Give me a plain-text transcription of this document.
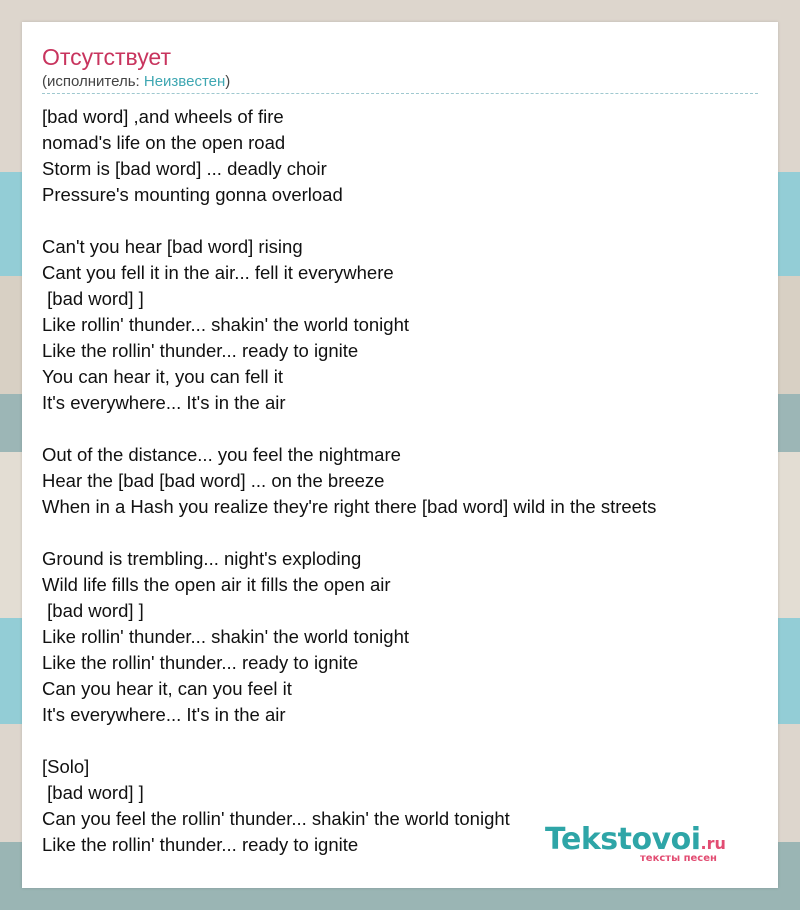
Отсутствует
(исполнитель: Неизвестен)
[bad word] ,and wheels of fire
nomad's life on the open road
Storm is [bad word] ... deadly choir
Pressure's mounting gonna overload
Can't you hear [bad word] rising
Cant you fell it in the air... fell it everywhere
[bad word] ]
Like rollin' thunder... shakin' the world tonight
Like the rollin' thunder... ready to ignite
You can hear it, you can fell it
It's everywhere... It's in the air
Out of the distance... you feel the nightmare
Hear the [bad [bad word] ... on the breeze
When in a Hash you realize they're right there [bad word] wild in the streets
Ground is trembling... night's exploding
Wild life fills the open air it fills the open air
[bad word] ]
Like rollin' thunder... shakin' the world tonight
Like the rollin' thunder... ready to ignite
Can you hear it, can you feel it
It's everywhere... It's in the air
[Solo]
[bad word] ]
Can you feel the rollin' thunder... shakin' the world tonight
Like the rollin' thunder... ready to ignite	Tekstovoi.ru
тексты песен
